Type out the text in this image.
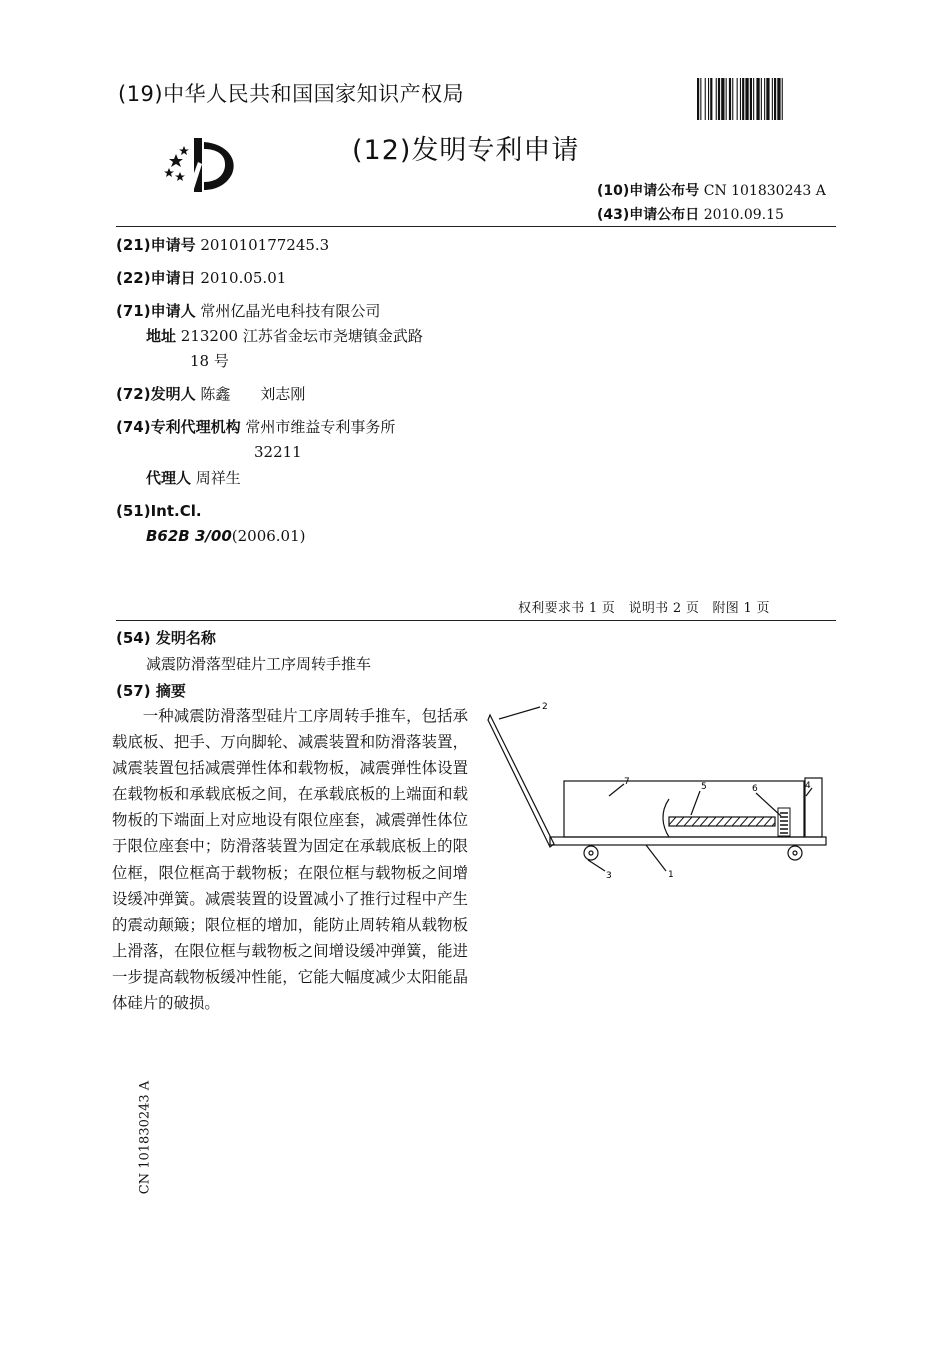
(19)中华人民共和国国家知识产权局
(12)发明专利申请
(10)申请公布号 CN 101830243 A
(43)申请公布日 2010.09.15
(21)申请号 201010177245.3
(22)申请日 2010.05.01
(71)申请人 常州亿晶光电科技有限公司
地址 213200 江苏省金坛市尧塘镇金武路
18 号
(72)发明人 陈鑫　　刘志刚
(74)专利代理机构 常州市维益专利事务所
32211
代理人 周祥生
(51)Int.Cl.
B62B 3/00(2006.01)
权利要求书 1 页　说明书 2 页　附图 1 页
(54) 发明名称
减震防滑落型硅片工序周转手推车
(57) 摘要
一种减震防滑落型硅片工序周转手推车，包括承载底板、把手、万向脚轮、减震装置和防滑落装置，减震装置包括减震弹性体和载物板，减震弹性体设置在载物板和承载底板之间，在承载底板的上端面和载物板的下端面上对应地设有限位座套，减震弹性体位于限位座套中；防滑落装置为固定在承载底板上的限位框，限位框高于载物板；在限位框与载物板之间增设缓冲弹簧。减震装置的设置减小了推行过程中产生的震动颠簸；限位框的增加，能防止周转箱从载物板上滑落，在限位框与载物板之间增设缓冲弹簧，能进一步提高载物板缓冲性能，它能大幅度减少太阳能晶体硅片的破损。
2
3	1
7	5	6	4
CN 101830243 A
